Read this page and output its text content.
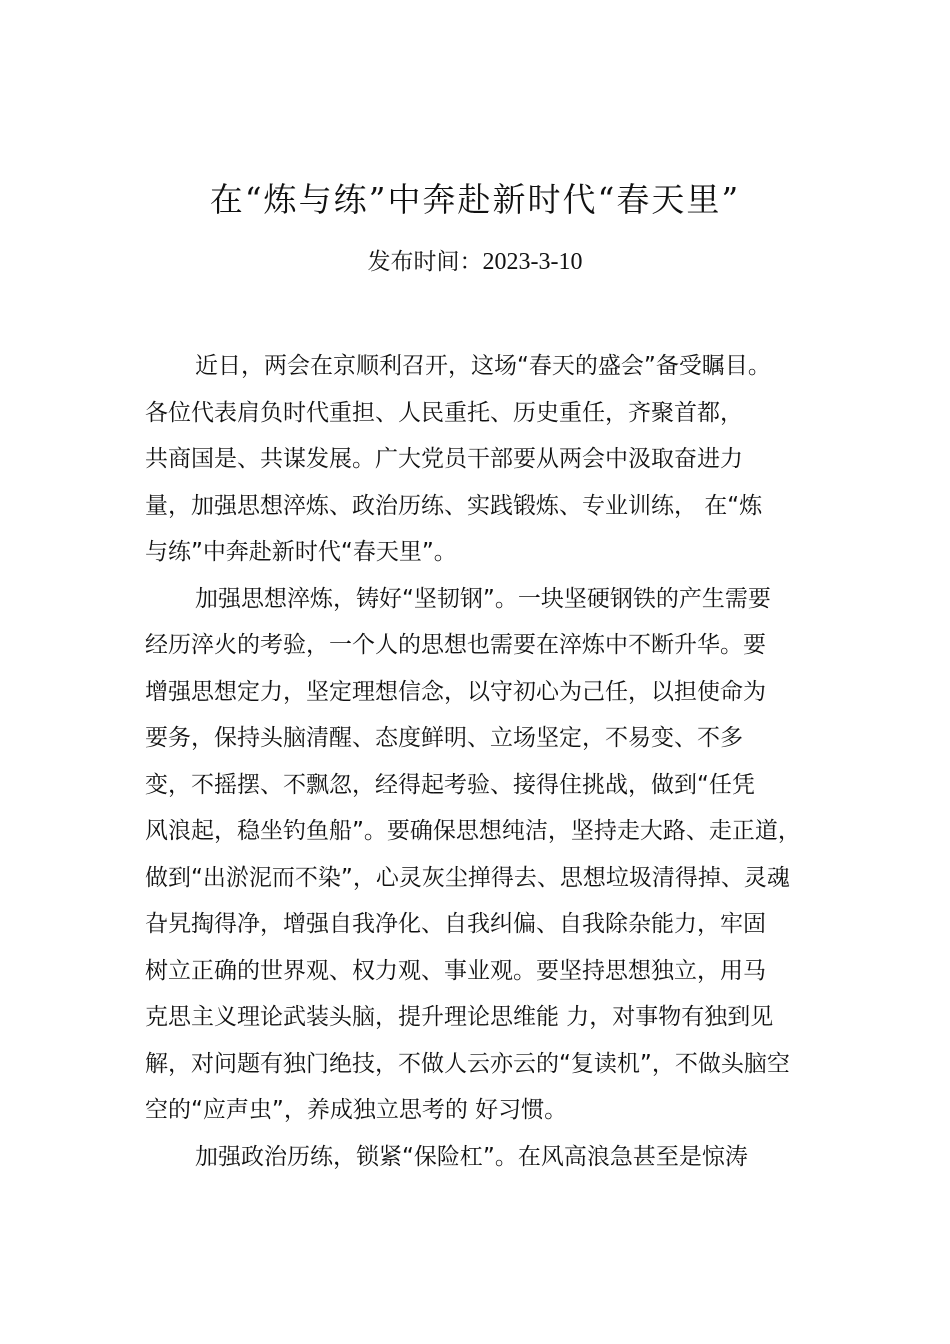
在“炼与练”中奔赴新时代“春天里”
发布时间：2023-3-10
近日，两会在京顺利召开，这场“春天的盛会”备受瞩目。
各位代表肩负时代重担、人民重托、历史重任，齐聚首都，
共商国是、共谋发展。广大党员干部要从两会中汲取奋进力
量，加强思想淬炼、政治历练、实践锻炼、专业训练， 在“炼
与练”中奔赴新时代“春天里”。
加强思想淬炼，铸好“坚韧钢”。一块坚硬钢铁的产生需要
经历淬火的考验，一个人的思想也需要在淬炼中不断升华。要
增强思想定力，坚定理想信念，以守初心为己任，以担使命为
要务，保持头脑清醒、态度鲜明、立场坚定，不易变、不多
变，不摇摆、不飘忽，经得起考验、接得住挑战，做到“任凭
风浪起，稳坐钓鱼船”。要确保思想纯洁，坚持走大路、走正道，
做到“出淤泥而不染”，心灵灰尘掸得去、思想垃圾清得掉、灵魂
旮旯掏得净，增强自我净化、自我纠偏、自我除杂能力，牢固
树立正确的世界观、权力观、事业观。要坚持思想独立，用马
克思主义理论武装头脑，提升理论思维能 力，对事物有独到见
解，对问题有独门绝技，不做人云亦云的“复读机”，不做头脑空
空的“应声虫”，养成独立思考的 好习惯。
加强政治历练，锁紧“保险杠”。在风高浪急甚至是惊涛
